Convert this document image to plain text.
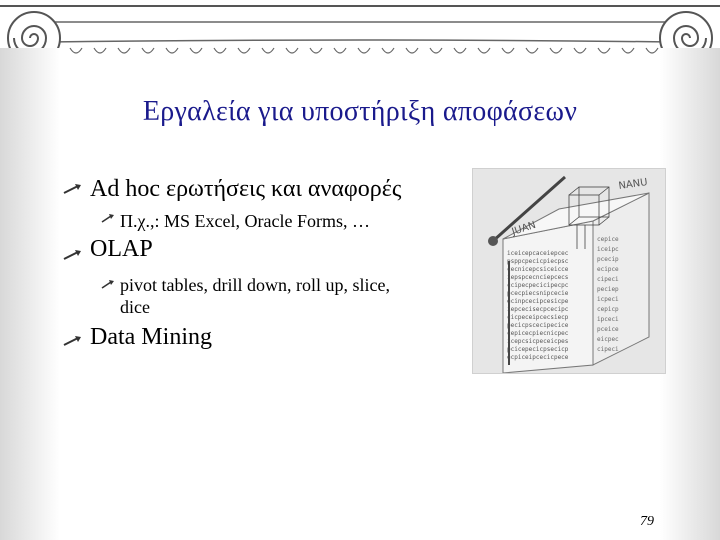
Εργαλεία για υποστήριξη αποφάσεων
Ad hoc ερωτήσεις και αναφορές
Π.χ.,: MS Excel, Oracle Forms, …
OLAP
pivot tables, drill down, roll up, slice,
dice
Data Mining
iceicepcaceiepcec
psppcpecicpiecpsc
cecnicepcsiceicce
iepspcecnciepcecs
ccipecpecicipecpc
pcecpiecsnipcecie
ecinpcecipcesicpe
iepcecisecpcecipc
cicpeceipcecsiecp
pecicpscecipecice
cepicecpiecnicpec
icepcsicpeceicpes
pcicepecicpsecicp
ecpiceipcecicpece
cepice
iceipc
pcecip
ecipce
cipeci
peciep
icpeci
cepicp
ipceci
pceice
eicpec
cipeci
JUAN
NANU
79
